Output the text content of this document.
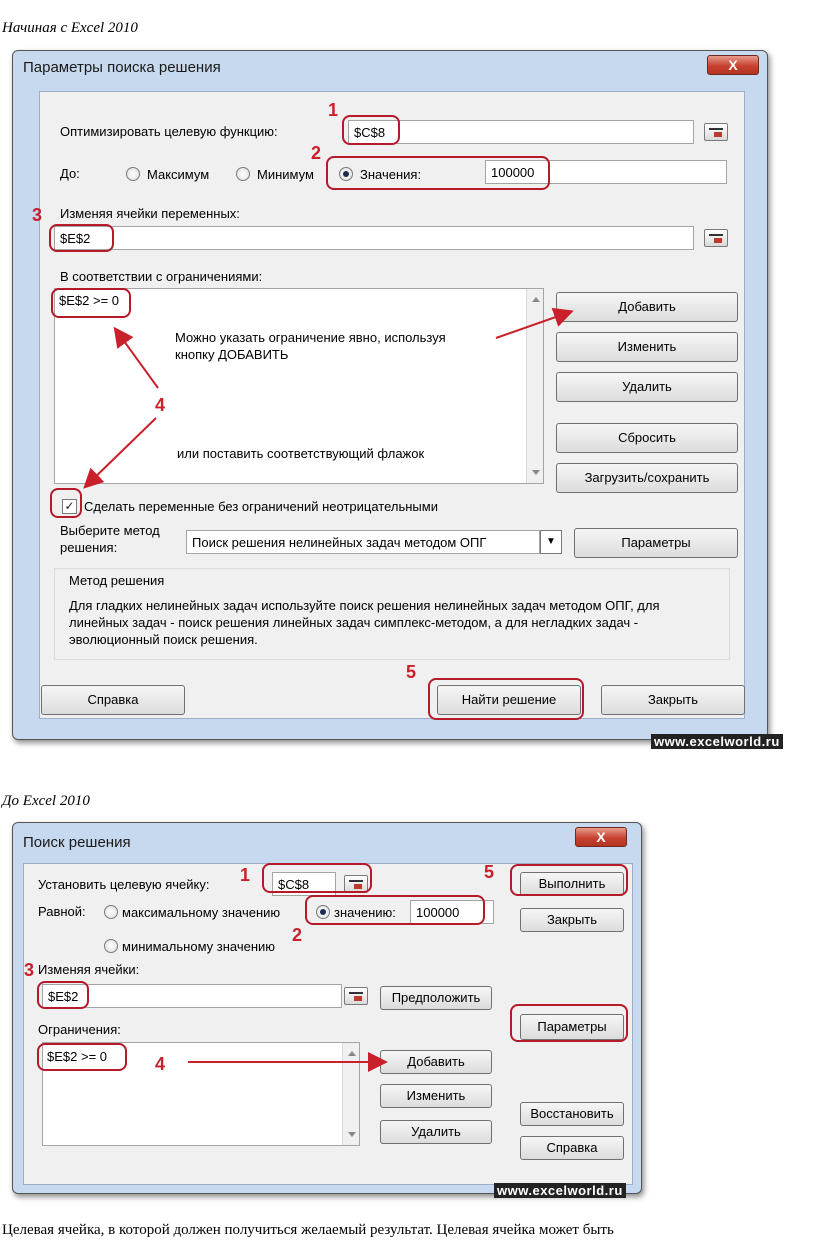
Начиная с Excel 2010
Параметры поиска решения	X
Оптимизировать целевую функцию:	$C$8
До:	Максимум	Минимум	Значения:	100000
Изменяя ячейки переменных:
$E$2
В соответствии с ограничениями:
$E$2 >= 0
Можно указать ограничение явно, используя кнопку ДОБАВИТЬ
или поставить соответствующий флажок
Добавить
Изменить
Удалить
Сбросить
Загрузить/сохранить
✓ Сделать переменные без ограничений неотрицательными
Выберите метод решения:	Поиск решения нелинейных задач методом ОПГ	▼	Параметры
Метод решения
Для гладких нелинейных задач используйте поиск решения нелинейных задач методом ОПГ, для линейных задач - поиск решения линейных задач симплекс-методом, а для негладких задач - эволюционный поиск решения.
Справка	Найти решение	Закрыть
1
2
3
4
5
www.excelworld.ru
До Excel 2010
Поиск решения	X
Установить целевую ячейку:	$C$8	Выполнить
Закрыть
Равной:	максимальному значению	значению:	100000
минимальному значению
Изменяя ячейки:
$E$2	Предположить
Параметры
Ограничения:
$E$2 >= 0	Добавить
Изменить
Удалить
Восстановить
Справка
1
2
3
4
5
www.excelworld.ru
Целевая ячейка, в которой должен получиться желаемый результат. Целевая ячейка может быть
